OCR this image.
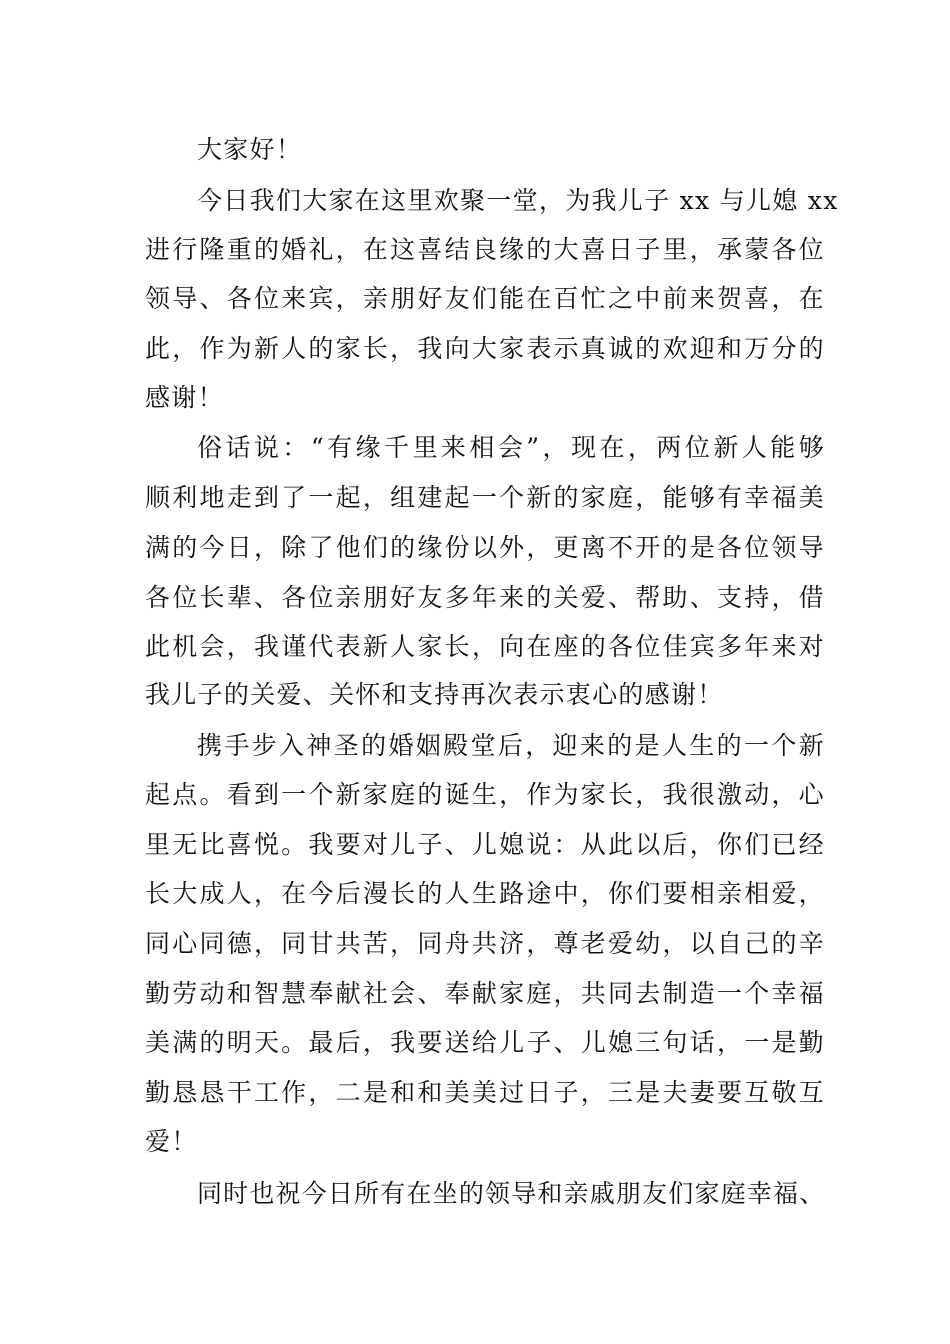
大家好！
今日我们大家在这里欢聚一堂，为我儿子 xx 与儿媳 xx
进行隆重的婚礼，在这喜结良缘的大喜日子里，承蒙各位
领导、各位来宾，亲朋好友们能在百忙之中前来贺喜，在
此，作为新人的家长，我向大家表示真诚的欢迎和万分的
感谢！
俗话说：“有缘千里来相会”，现在，两位新人能够
顺利地走到了一起，组建起一个新的家庭，能够有幸福美
满的今日，除了他们的缘份以外，更离不开的是各位领导
各位长辈、各位亲朋好友多年来的关爱、帮助、支持，借
此机会，我谨代表新人家长，向在座的各位佳宾多年来对
我儿子的关爱、关怀和支持再次表示衷心的感谢！
携手步入神圣的婚姻殿堂后，迎来的是人生的一个新
起点。看到一个新家庭的诞生，作为家长，我很激动，心
里无比喜悦。我要对儿子、儿媳说：从此以后，你们已经
长大成人，在今后漫长的人生路途中，你们要相亲相爱，
同心同德，同甘共苦，同舟共济，尊老爱幼，以自己的辛
勤劳动和智慧奉献社会、奉献家庭，共同去制造一个幸福
美满的明天。最后，我要送给儿子、儿媳三句话，一是勤
勤恳恳干工作，二是和和美美过日子，三是夫妻要互敬互
爱！
同时也祝今日所有在坐的领导和亲戚朋友们家庭幸福、
